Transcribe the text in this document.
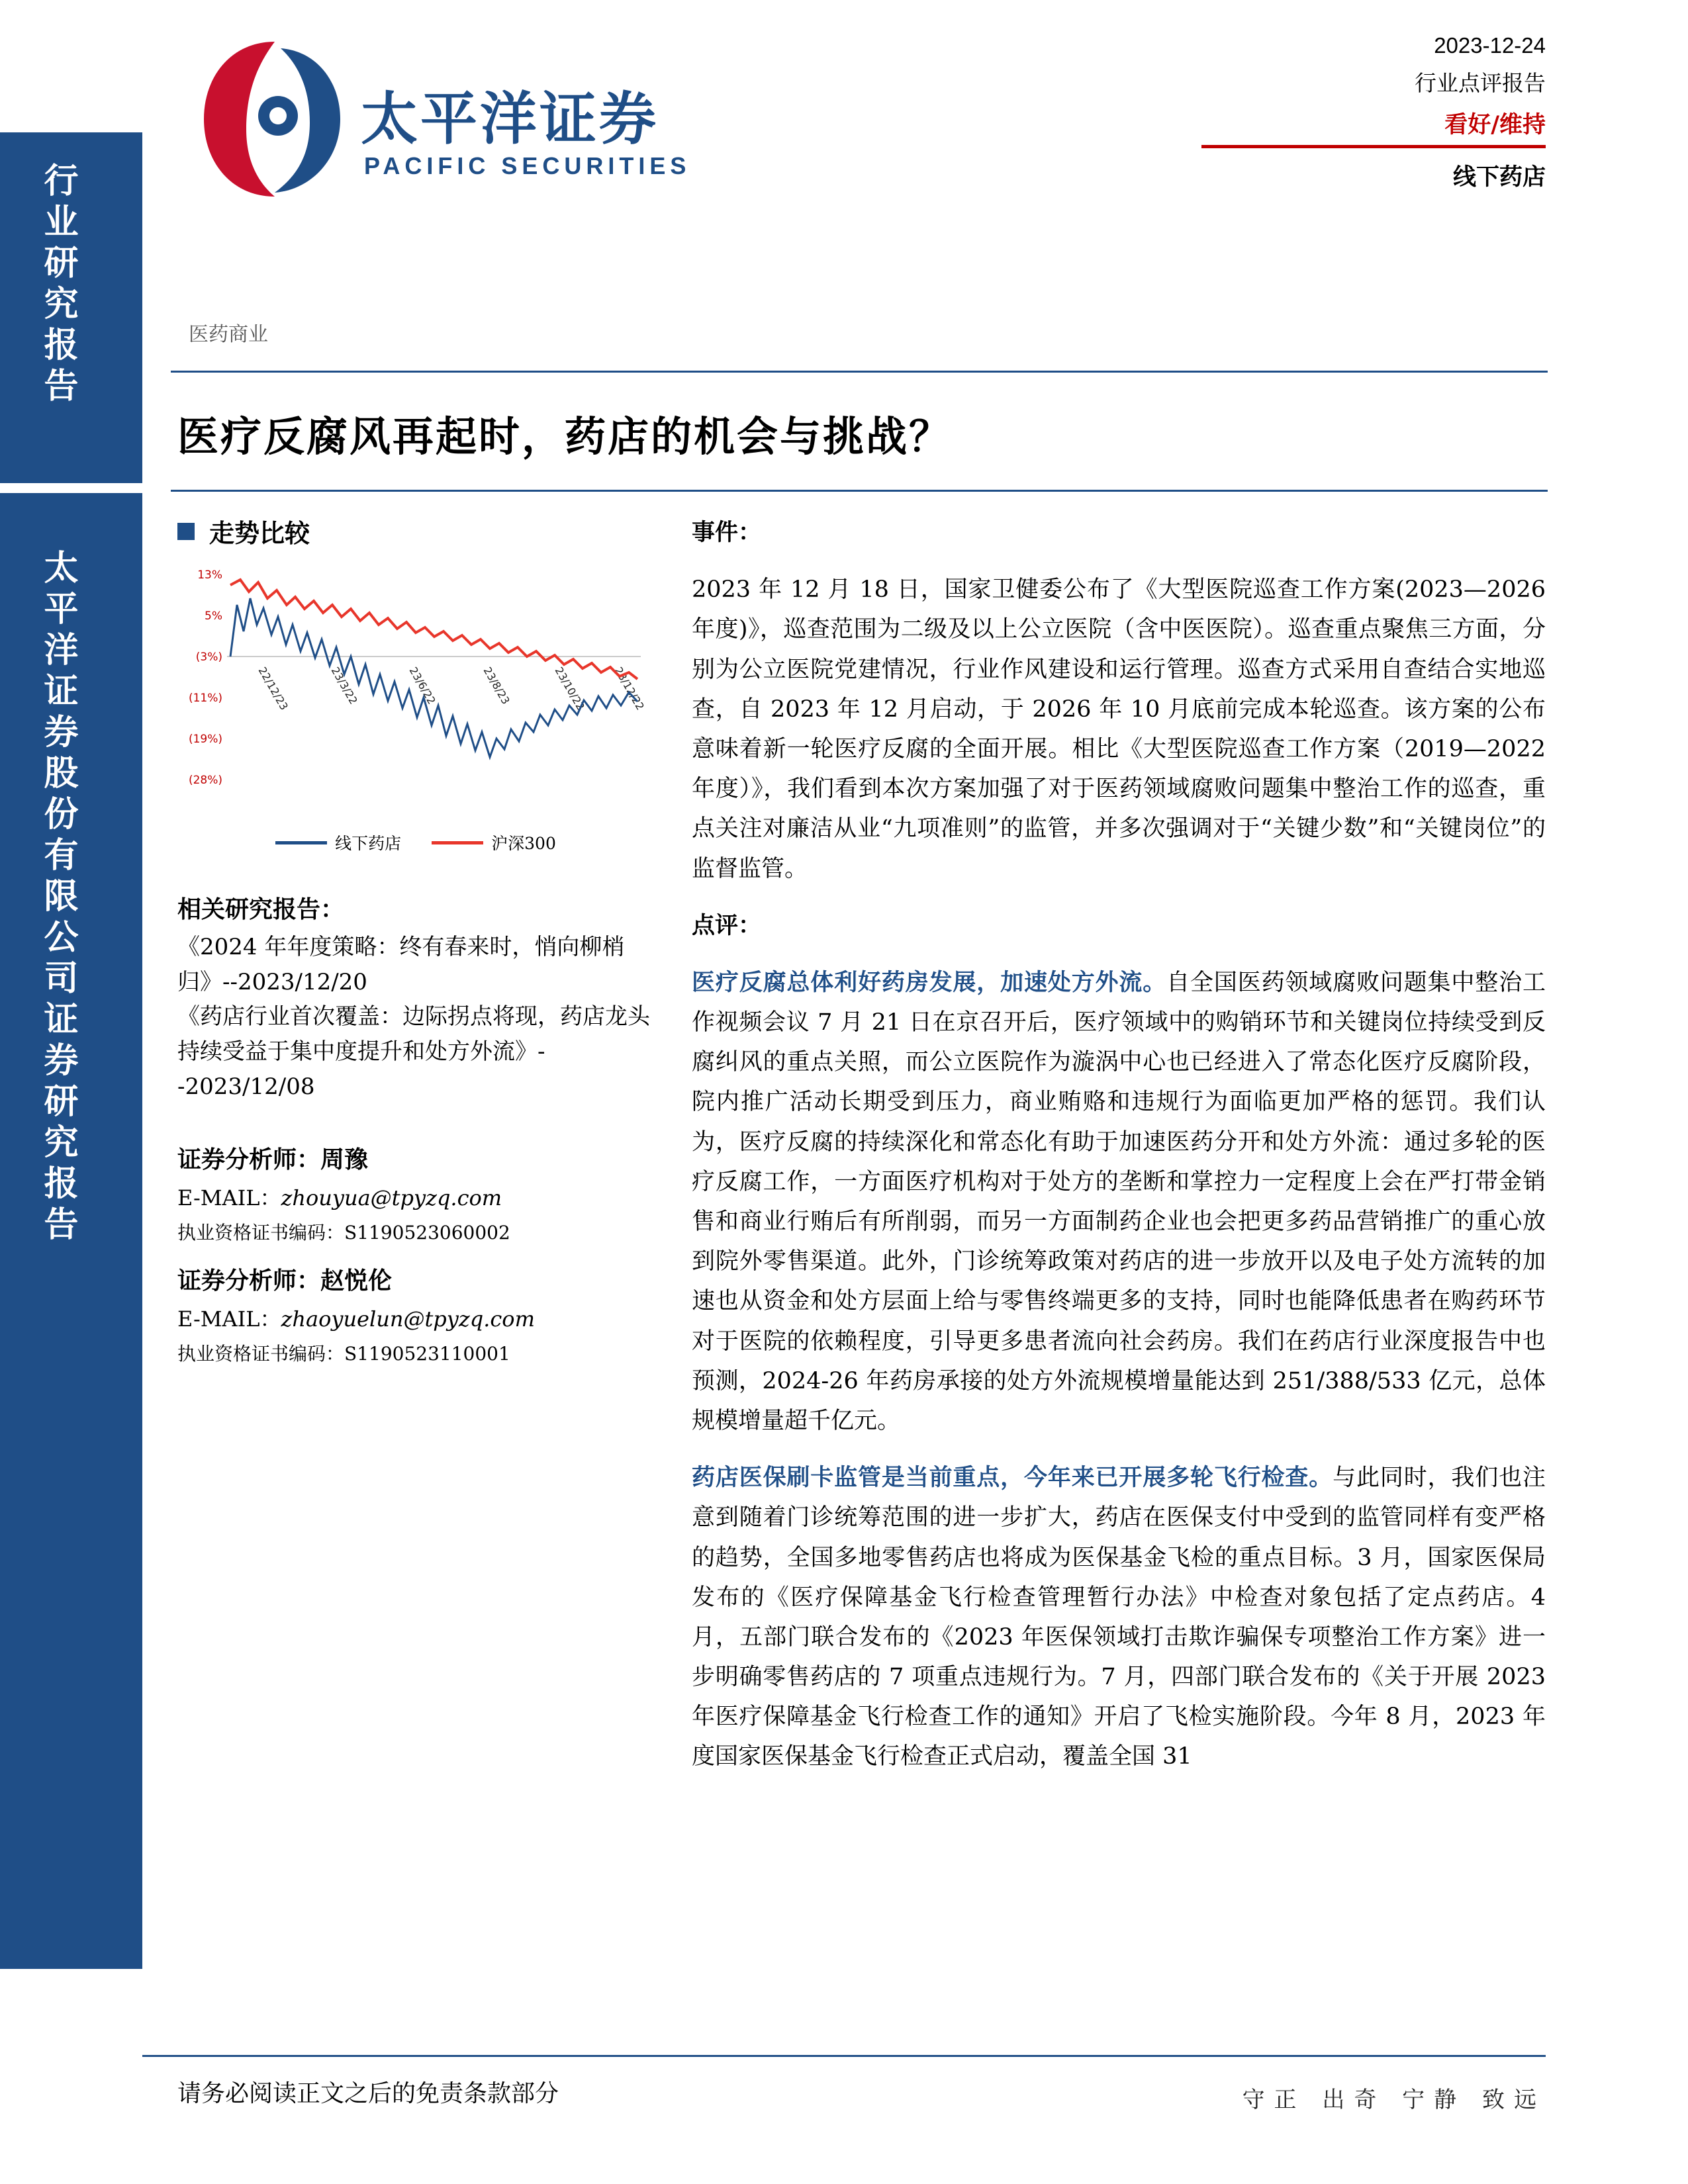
行业研究报告
太平洋证券股份有限公司证券研究报告
太平洋证券
PACIFIC SECURITIES
2023-12-24
行业点评报告
看好/维持
线下药店
医药商业
医疗反腐风再起时，药店的机会与挑战？
走势比较
13%
5%
(3%)
(11%)
(19%)
(28%)
22/12/23	23/3/22	23/6/22	23/8/23	23/10/22 23/12/22
线下药店	沪深300
相关研究报告：
《2024 年年度策略：终有春来时，悄向柳梢归》--2023/12/20
《药店行业首次覆盖：边际拐点将现，药店龙头持续受益于集中度提升和处方外流》--2023/12/08
证券分析师：周豫
E-MAIL：zhouyua@tpyzq.com
执业资格证书编码：S1190523060002
证券分析师：赵悦伦
E-MAIL：zhaoyuelun@tpyzq.com
执业资格证书编码：S1190523110001

事件：

2023 年 12 月 18 日，国家卫健委公布了《大型医院巡查工作方案(2023—2026 年度)》，巡查范围为二级及以上公立医院（含中医医院）。巡查重点聚焦三方面，分别为公立医院党建情况，行业作风建设和运行管理。巡查方式采用自查结合实地巡查，自 2023 年 12 月启动，于 2026 年 10 月底前完成本轮巡查。该方案的公布意味着新一轮医疗反腐的全面开展。相比《大型医院巡查工作方案（2019—2022 年度）》，我们看到本次方案加强了对于医药领域腐败问题集中整治工作的巡查，重点关注对廉洁从业“九项准则”的监管，并多次强调对于“关键少数”和“关键岗位”的监督监管。

点评：

医疗反腐总体利好药房发展，加速处方外流。自全国医药领域腐败问题集中整治工作视频会议 7 月 21 日在京召开后，医疗领域中的购销环节和关键岗位持续受到反腐纠风的重点关照，而公立医院作为漩涡中心也已经进入了常态化医疗反腐阶段，院内推广活动长期受到压力，商业贿赂和违规行为面临更加严格的惩罚。我们认为，医疗反腐的持续深化和常态化有助于加速医药分开和处方外流：通过多轮的医疗反腐工作，一方面医疗机构对于处方的垄断和掌控力一定程度上会在严打带金销售和商业行贿后有所削弱，而另一方面制药企业也会把更多药品营销推广的重心放到院外零售渠道。此外，门诊统筹政策对药店的进一步放开以及电子处方流转的加速也从资金和处方层面上给与零售终端更多的支持，同时也能降低患者在购药环节对于医院的依赖程度，引导更多患者流向社会药房。我们在药店行业深度报告中也预测，2024-26 年药房承接的处方外流规模增量能达到 251/388/533 亿元，总体规模增量超千亿元。

药店医保刷卡监管是当前重点，今年来已开展多轮飞行检查。与此同时，我们也注意到随着门诊统筹范围的进一步扩大，药店在医保支付中受到的监管同样有变严格的趋势，全国多地零售药店也将成为医保基金飞检的重点目标。3 月，国家医保局发布的《医疗保障基金飞行检查管理暂行办法》中检查对象包括了定点药店。4 月，五部门联合发布的《2023 年医保领域打击欺诈骗保专项整治工作方案》进一步明确零售药店的 7 项重点违规行为。7 月，四部门联合发布的《关于开展 2023 年医疗保障基金飞行检查工作的通知》开启了飞检实施阶段。今年 8 月，2023 年度国家医保基金飞行检查正式启动，覆盖全国 31

请务必阅读正文之后的免责条款部分	守正 出奇 宁静 致远
